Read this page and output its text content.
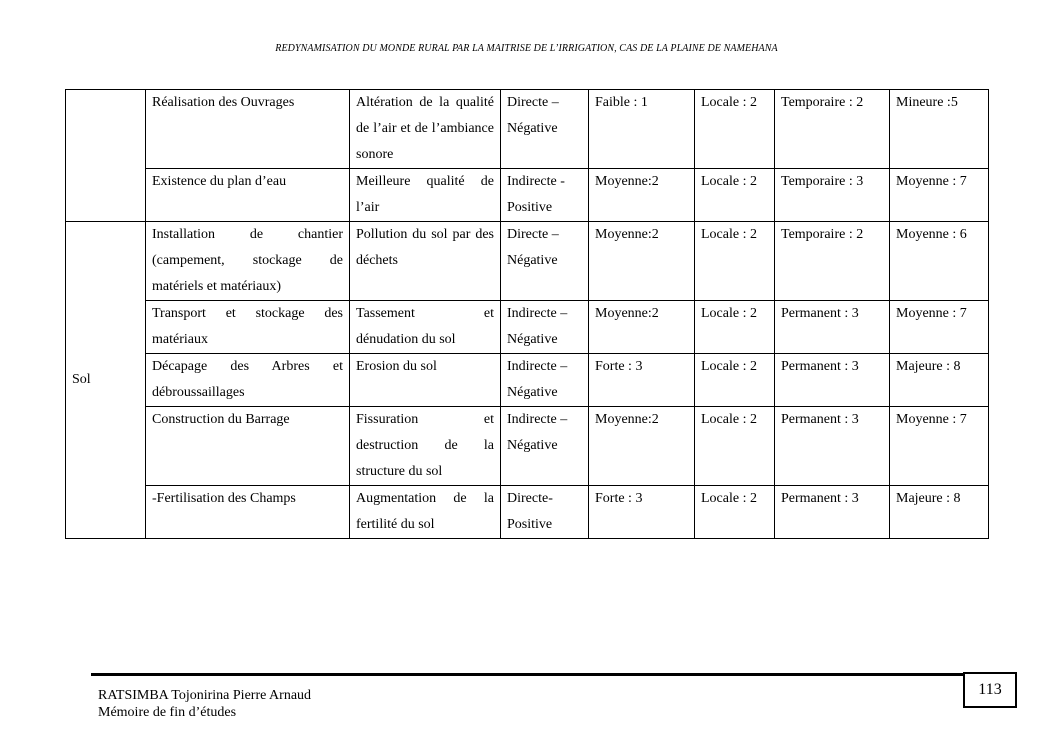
REDYNAMISATION DU MONDE RURAL PAR LA MAITRISE DE L’IRRIGATION, CAS DE LA PLAINE DE NAMEHANA
	Réalisation des Ouvrages	Altération de la qualité de l’air et de l’ambiance sonore	Directe – Négative	Faible : 1	Locale : 2	Temporaire : 2	Mineure :5
	Existence du plan d’eau	Meilleure qualité de l’air	Indirecte - Positive	Moyenne:2	Locale : 2	Temporaire : 3	Moyenne : 7
Sol	Installation de chantier (campement, stockage de matériels et matériaux)	Pollution du sol par des déchets	Directe – Négative	Moyenne:2	Locale : 2	Temporaire : 2	Moyenne : 6
	Transport et stockage des matériaux	Tassement et dénudation du sol	Indirecte – Négative	Moyenne:2	Locale : 2	Permanent : 3	Moyenne : 7
	Décapage des Arbres et débroussaillages	Erosion du sol	Indirecte – Négative	Forte : 3	Locale : 2	Permanent : 3	Majeure : 8
	Construction du Barrage	Fissuration et destruction de la structure du sol	Indirecte – Négative	Moyenne:2	Locale : 2	Permanent : 3	Moyenne : 7
	-Fertilisation des Champs	Augmentation de la fertilité du sol	Directe- Positive	Forte : 3	Locale : 2	Permanent : 3	Majeure : 8
113
RATSIMBA Tojonirina Pierre Arnaud
Mémoire de fin d’études
